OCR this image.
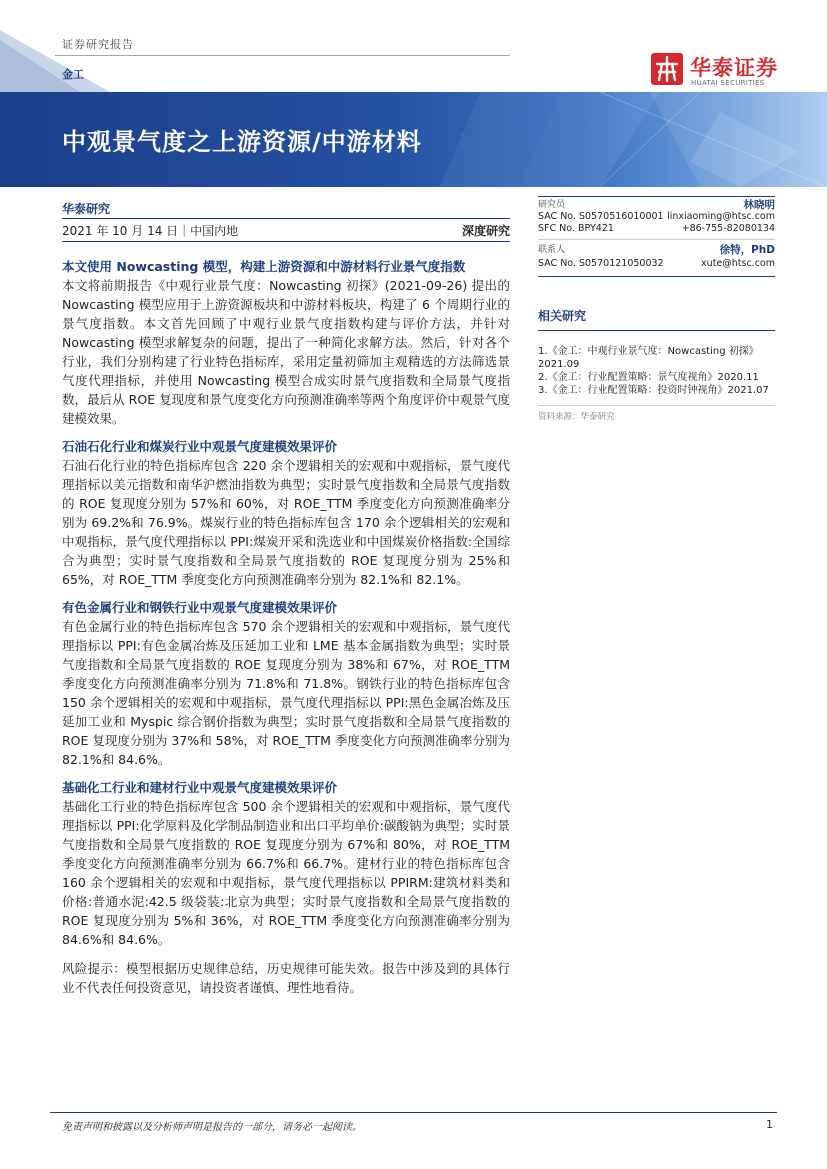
证券研究报告
金工	华泰证券
HUATAI SECURITIES
中观景气度之上游资源/中游材料
华泰研究
2021 年 10 月 14 日｜中国内地	深度研究
本文使用 Nowcasting 模型，构建上游资源和中游材料行业景气度指数
本文将前期报告《中观行业景气度：Nowcasting 初探》(2021-09-26) 提出的 Nowcasting 模型应用于上游资源板块和中游材料板块，构建了 6 个周期行业的景气度指数。本文首先回顾了中观行业景气度指数构建与评价方法，并针对 Nowcasting 模型求解复杂的问题，提出了一种简化求解方法。然后，针对各个行业，我们分别构建了行业特色指标库，采用定量初筛加主观精选的方法筛选景气度代理指标，并使用 Nowcasting 模型合成实时景气度指数和全局景气度指数，最后从 ROE 复现度和景气度变化方向预测准确率等两个角度评价中观景气度建模效果。
石油石化行业和煤炭行业中观景气度建模效果评价
石油石化行业的特色指标库包含 220 余个逻辑相关的宏观和中观指标，景气度代理指标以美元指数和南华沪燃油指数为典型；实时景气度指数和全局景气度指数的 ROE 复现度分别为 57%和 60%，对 ROE_TTM 季度变化方向预测准确率分别为 69.2%和 76.9%。煤炭行业的特色指标库包含 170 余个逻辑相关的宏观和中观指标，景气度代理指标以 PPI:煤炭开采和洗选业和中国煤炭价格指数:全国综合为典型；实时景气度指数和全局景气度指数的 ROE 复现度分别为 25%和 65%，对 ROE_TTM 季度变化方向预测准确率分别为 82.1%和 82.1%。
有色金属行业和钢铁行业中观景气度建模效果评价
有色金属行业的特色指标库包含 570 余个逻辑相关的宏观和中观指标，景气度代理指标以 PPI:有色金属冶炼及压延加工业和 LME 基本金属指数为典型；实时景气度指数和全局景气度指数的 ROE 复现度分别为 38%和 67%，对 ROE_TTM 季度变化方向预测准确率分别为 71.8%和 71.8%。钢铁行业的特色指标库包含 150 余个逻辑相关的宏观和中观指标，景气度代理指标以 PPI:黑色金属冶炼及压延加工业和 Myspic 综合钢价指数为典型；实时景气度指数和全局景气度指数的 ROE 复现度分别为 37%和 58%，对 ROE_TTM 季度变化方向预测准确率分别为 82.1%和 84.6%。
基础化工行业和建材行业中观景气度建模效果评价
基础化工行业的特色指标库包含 500 余个逻辑相关的宏观和中观指标，景气度代理指标以 PPI:化学原料及化学制品制造业和出口平均单价:碳酸钠为典型；实时景气度指数和全局景气度指数的 ROE 复现度分别为 67%和 80%，对 ROE_TTM 季度变化方向预测准确率分别为 66.7%和 66.7%。建材行业的特色指标库包含 160 余个逻辑相关的宏观和中观指标，景气度代理指标以 PPIRM:建筑材料类和价格:普通水泥:42.5 级袋装:北京为典型；实时景气度指数和全局景气度指数的 ROE 复现度分别为 5%和 36%，对 ROE_TTM 季度变化方向预测准确率分别为 84.6%和 84.6%。
风险提示：模型根据历史规律总结，历史规律可能失效。报告中涉及到的具体行业不代表任何投资意见，请投资者谨慎、理性地看待。
研究员	林晓明
SAC No. S0570516010001 linxiaoming@htsc.com
SFC No. BPY421	+86-755-82080134
联系人	徐特，PhD
SAC No. S0570121050032	xute@htsc.com
相关研究
1.《金工：中观行业景气度：Nowcasting 初探》
2021.09
2.《金工：行业配置策略：景气度视角》2020.11
3.《金工：行业配置策略：投资时钟视角》2021.07
资料来源：华泰研究
免责声明和披露以及分析师声明是报告的一部分，请务必一起阅读。	1
